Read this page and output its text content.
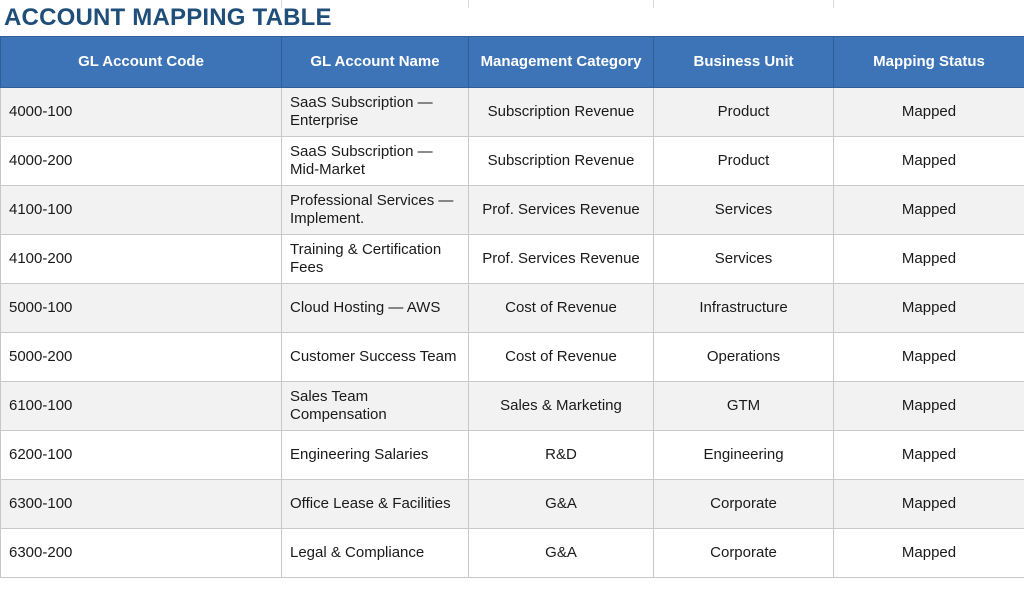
ACCOUNT MAPPING TABLE
GL Account Code	GL Account Name	Management Category	Business Unit	Mapping Status
4000-100	SaaS Subscription — Enterprise	Subscription Revenue	Product	Mapped
4000-200	SaaS Subscription — Mid-Market	Subscription Revenue	Product	Mapped
4100-100	Professional Services — Implement.	Prof. Services Revenue	Services	Mapped
4100-200	Training & Certification Fees	Prof. Services Revenue	Services	Mapped
5000-100	Cloud Hosting — AWS	Cost of Revenue	Infrastructure	Mapped
5000-200	Customer Success Team	Cost of Revenue	Operations	Mapped
6100-100	Sales Team Compensation	Sales & Marketing	GTM	Mapped
6200-100	Engineering Salaries	R&D	Engineering	Mapped
6300-100	Office Lease & Facilities	G&A	Corporate	Mapped
6300-200	Legal & Compliance	G&A	Corporate	Mapped
